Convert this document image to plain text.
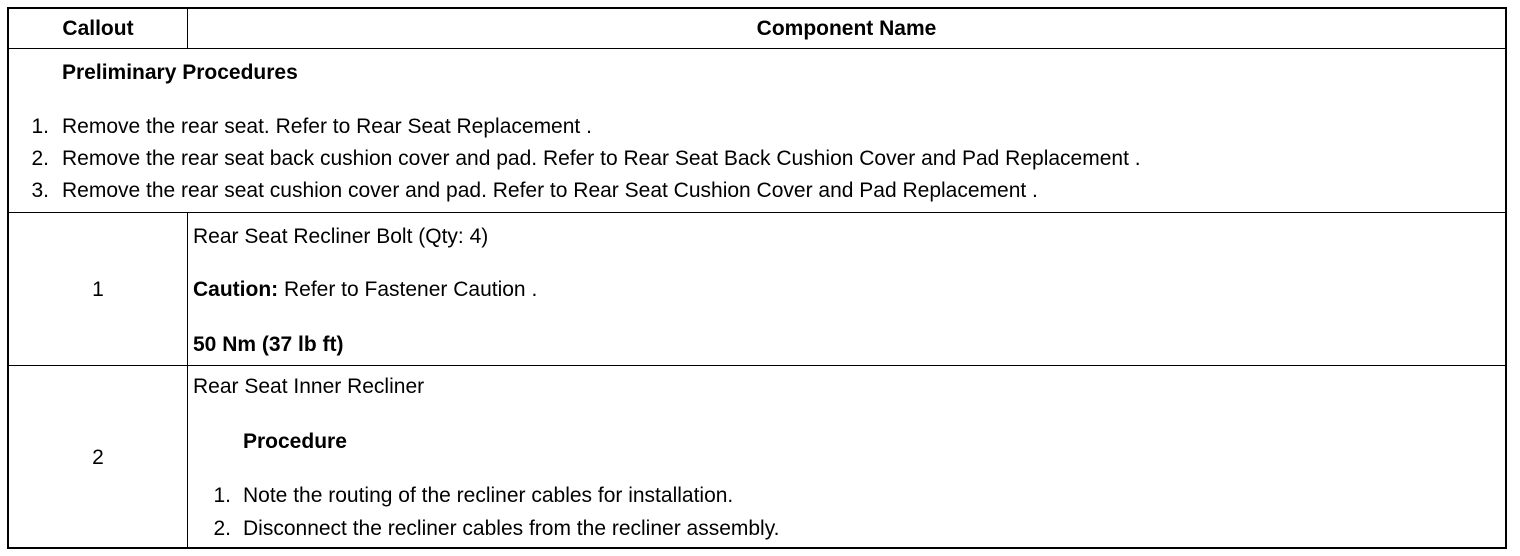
Callout	Component Name
Preliminary Procedures
1. Remove the rear seat. Refer to Rear Seat Replacement .
2. Remove the rear seat back cushion cover and pad. Refer to Rear Seat Back Cushion Cover and Pad Replacement .
3. Remove the rear seat cushion cover and pad. Refer to Rear Seat Cushion Cover and Pad Replacement .
1
Rear Seat Recliner Bolt (Qty: 4)
Caution: Refer to Fastener Caution .
50 Nm (37 lb ft)
2
Rear Seat Inner Recliner
Procedure
1. Note the routing of the recliner cables for installation.
2. Disconnect the recliner cables from the recliner assembly.
